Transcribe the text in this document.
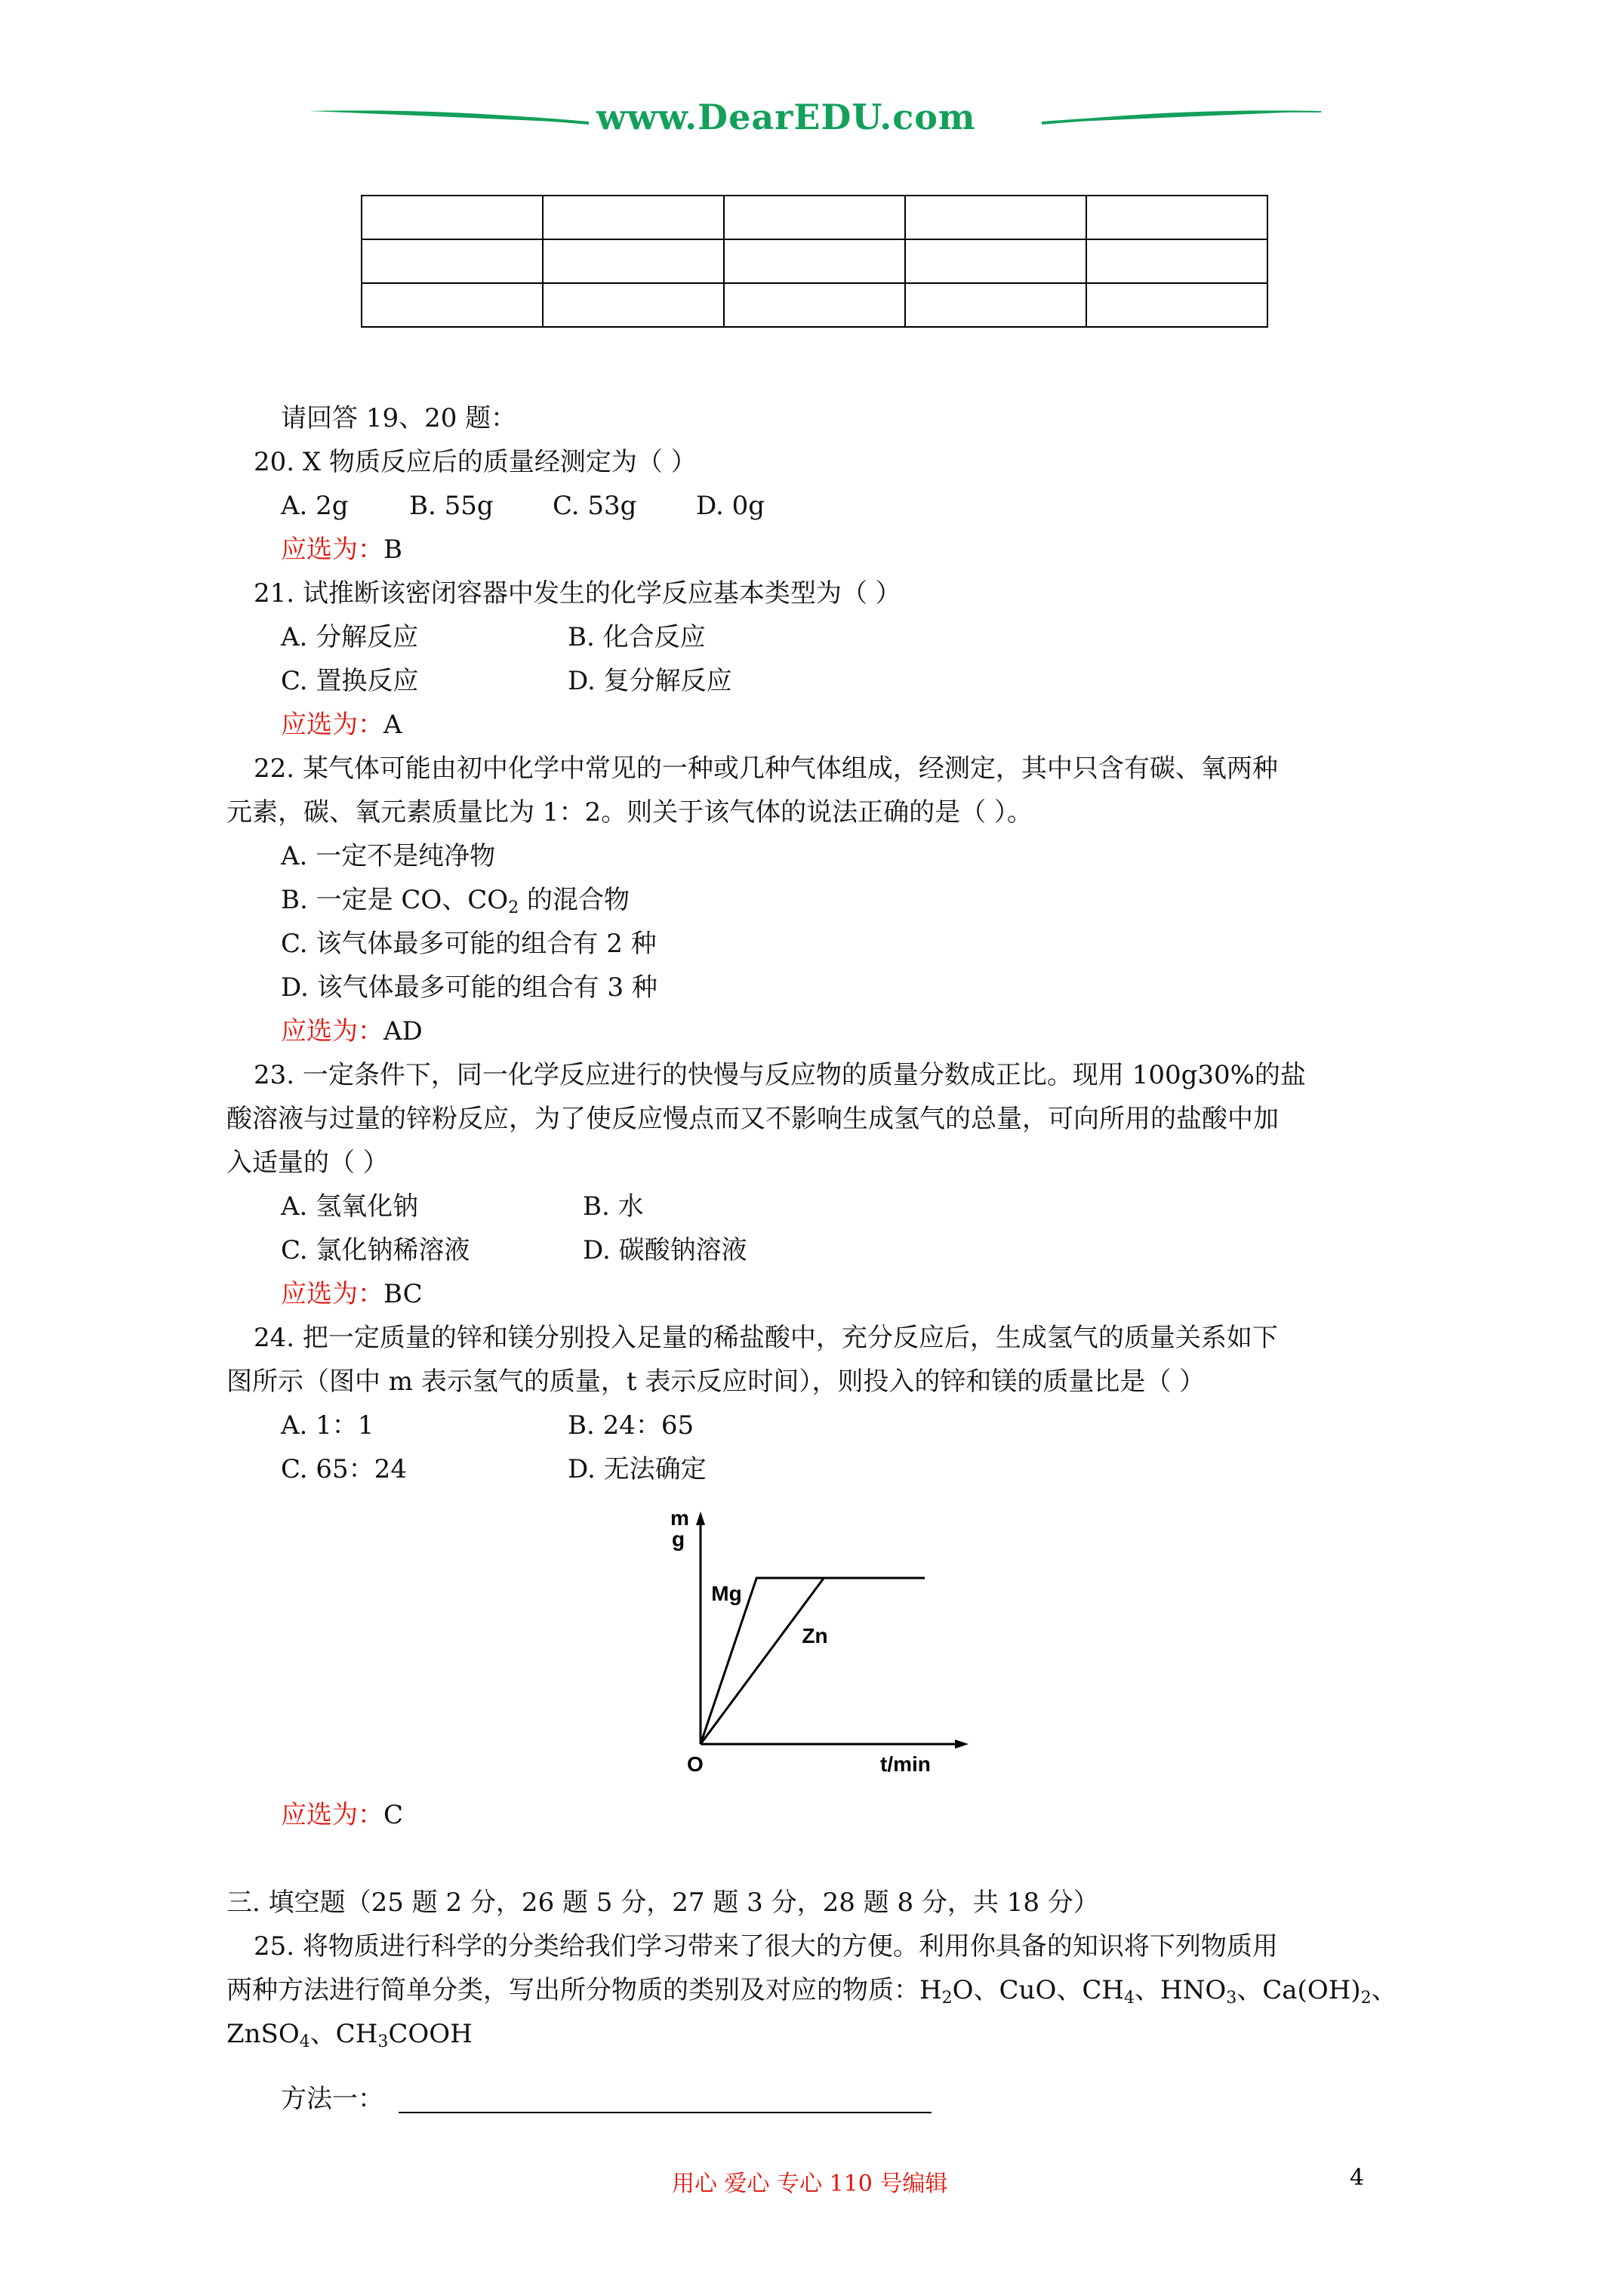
www.DearEDU.com

请回答 19、20 题：
20. X 物质反应后的质量经测定为（ ）
A. 2g B. 55g C. 53g D. 0g
应选为：B
21. 试推断该密闭容器中发生的化学反应基本类型为（ ）
A. 分解反应	B. 化合反应
C. 置换反应	D. 复分解反应
应选为：A
22. 某气体可能由初中化学中常见的一种或几种气体组成，经测定，其中只含有碳、氧两种
元素，碳、氧元素质量比为 1：2。则关于该气体的说法正确的是（ ）。
A. 一定不是纯净物
B. 一定是 CO、$CO_2$ 的混合物
C. 该气体最多可能的组合有 2 种
D. 该气体最多可能的组合有 3 种
应选为：AD
23. 一定条件下，同一化学反应进行的快慢与反应物的质量分数成正比。现用 100g30%的盐
酸溶液与过量的锌粉反应，为了使反应慢点而又不影响生成氢气的总量，可向所用的盐酸中加
入适量的（ ）
A. 氢氧化钠	B. 水
C. 氯化钠稀溶液	D. 碳酸钠溶液
应选为：BC
24. 把一定质量的锌和镁分别投入足量的稀盐酸中，充分反应后，生成氢气的质量关系如下
图所示（图中 m 表示氢气的质量，t 表示反应时间），则投入的锌和镁的质量比是（ ）
A. 1：1	B. 24：65
C. 65：24	D. 无法确定
Mg
Zn
m
g
O	t/min
应选为：C
三. 填空题（25 题 2 分，26 题 5 分，27 题 3 分，28 题 8 分，共 18 分）
25. 将物质进行科学的分类给我们学习带来了很大的方便。利用你具备的知识将下列物质用
两种方法进行简单分类，写出所分物质的类别及对应的物质：$H_2O$、CuO、$CH_4$、$HNO_3$、$Ca(OH)_2$、
ZnSO$_4$、$CH_3COOH$
方法一：
用心 爱心 专心 110 号编辑	4
